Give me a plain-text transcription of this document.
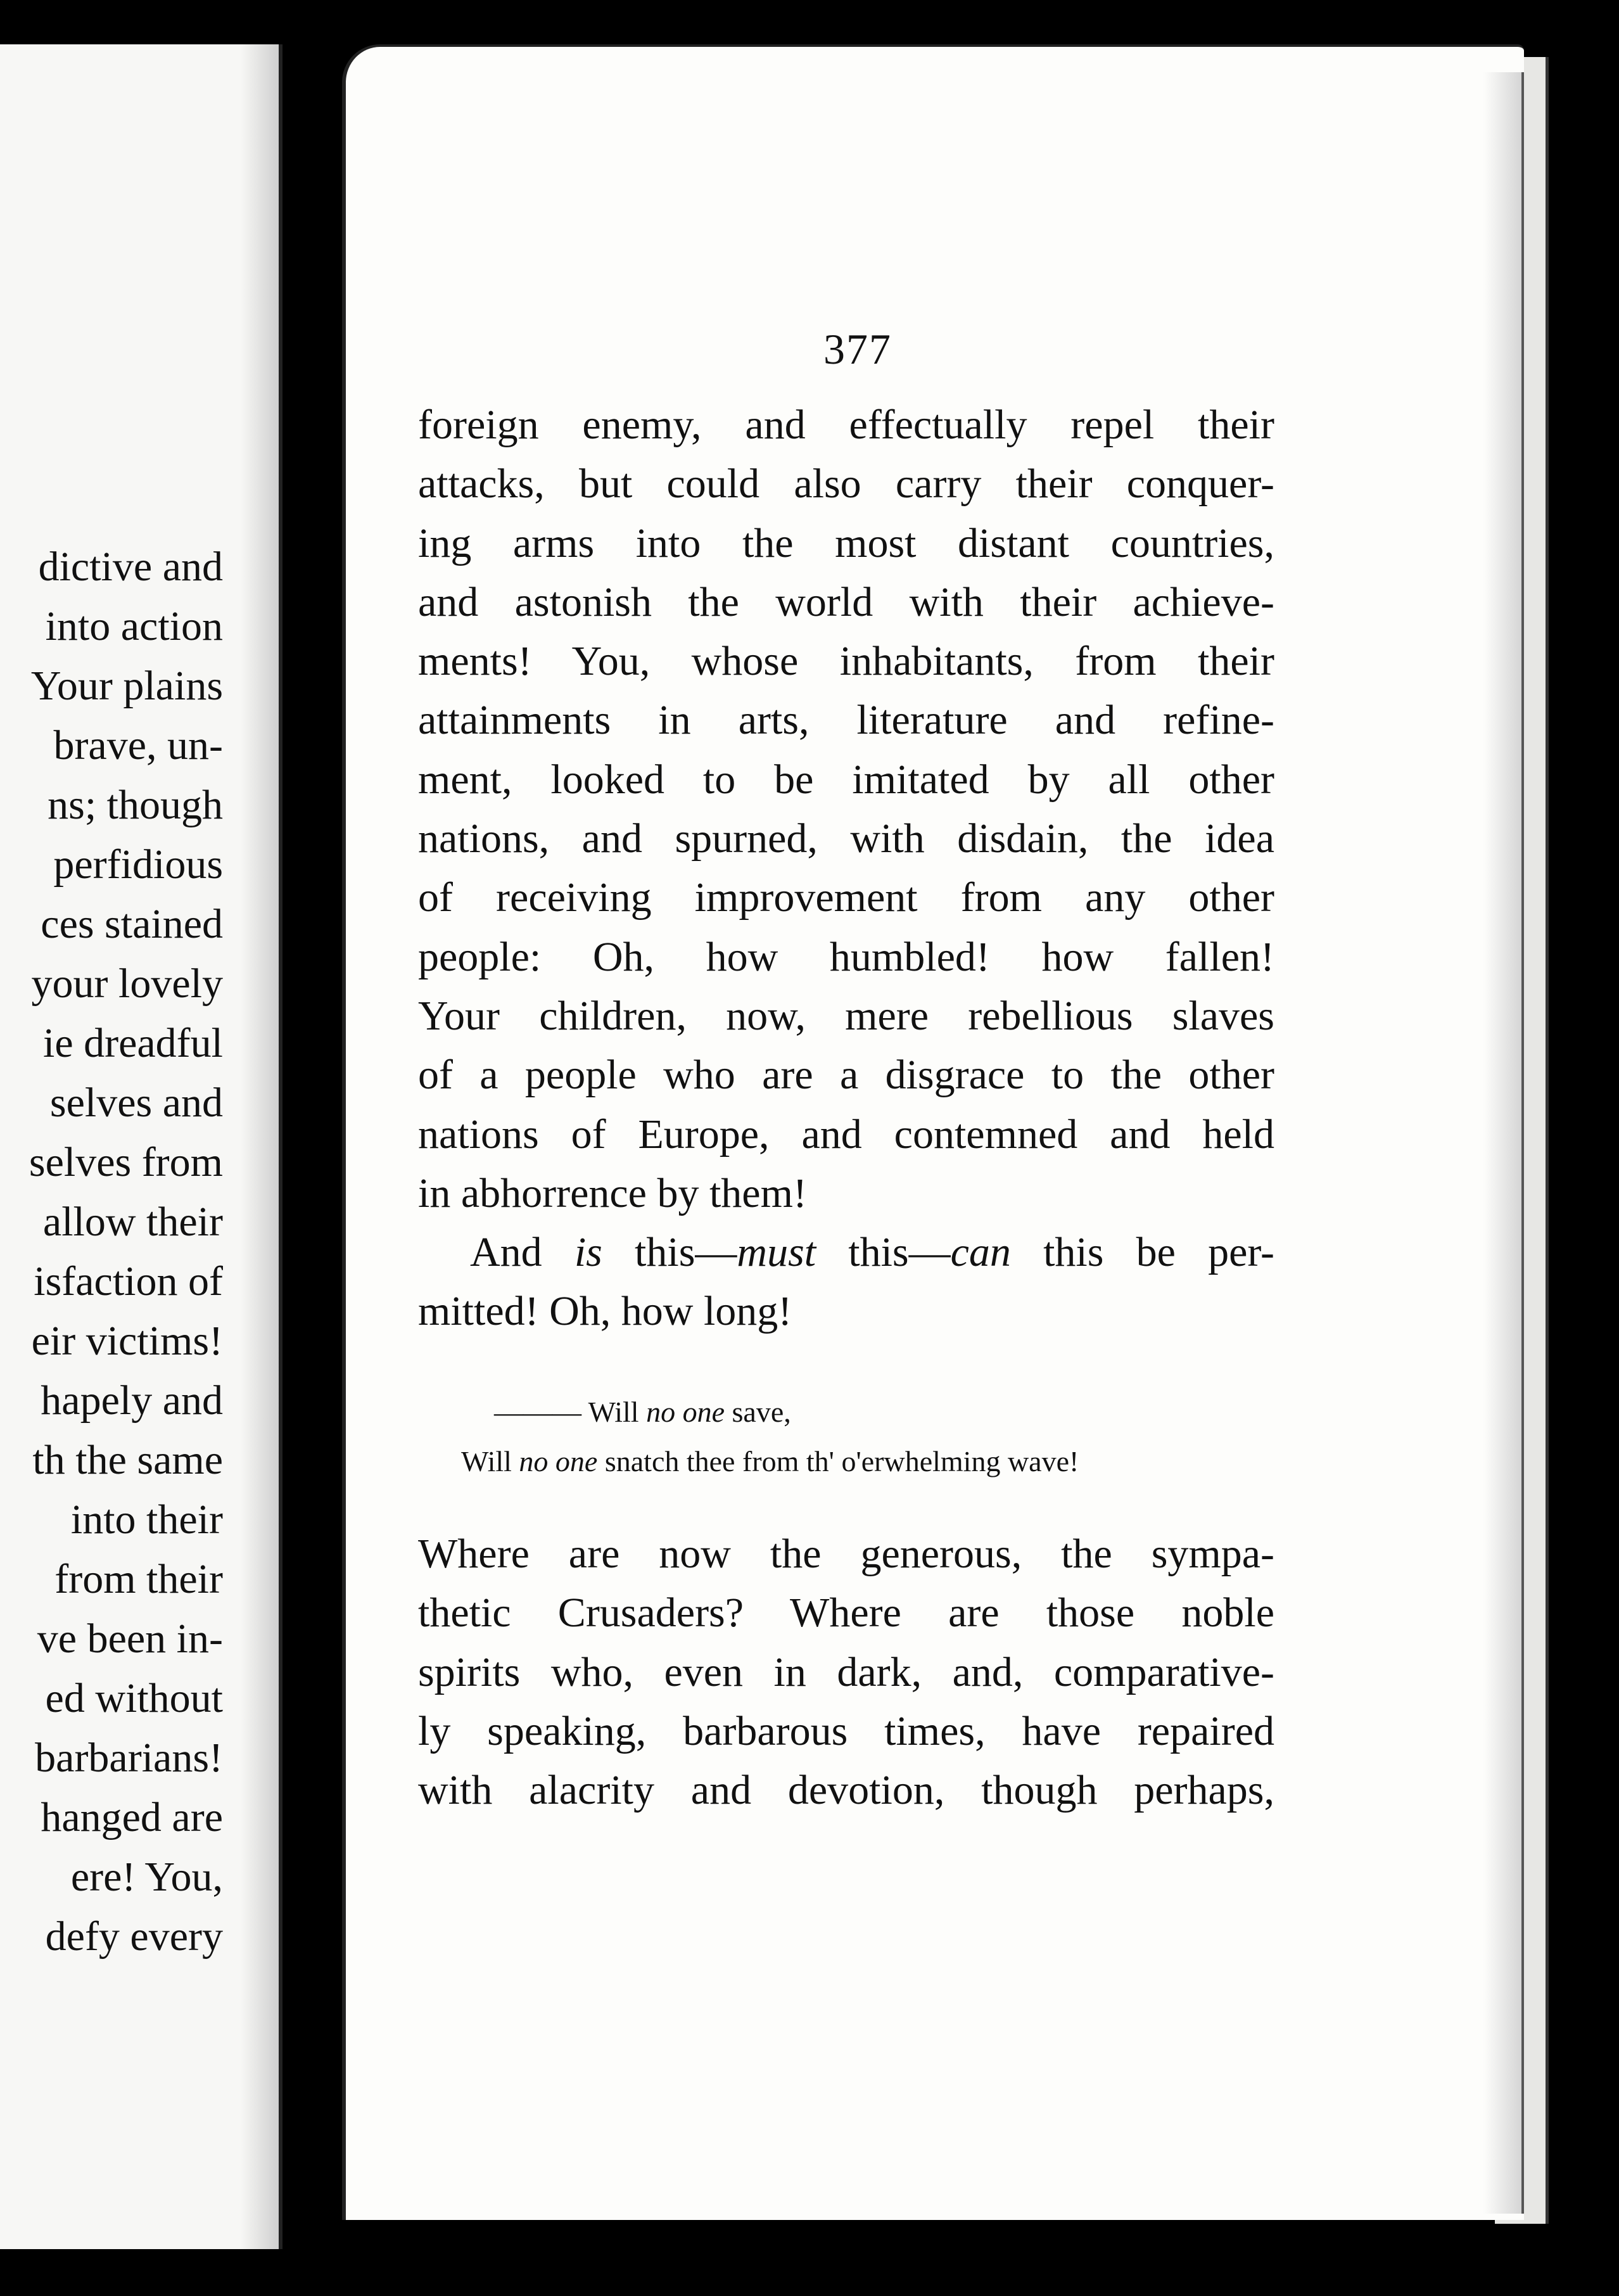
dictive and
into action
Your plains
brave, un-
ns; though
perfidious
ces stained
your lovely
ie dreadful
selves and
selves from
allow their
isfaction of
eir victims!
hapely and
th the same
into their
from their
ve been in-
ed without
barbarians!
hanged are
ere! You,
defy every
377
foreign enemy, and effectually repel their
attacks, but could also carry their conquer-
ing arms into the most distant countries,
and astonish the world with their achieve-
ments! You, whose inhabitants, from their
attainments in arts, literature and refine-
ment, looked to be imitated by all other
nations, and spurned, with disdain, the idea
of receiving improvement from any other
people: Oh, how humbled! how fallen!
Your children, now, mere rebellious slaves
of a people who are a disgrace to the other
nations of Europe, and contemned and held
in abhorrence by them!
And is this—must this—can this be per-
mitted! Oh, how long!
——— Will no one save,
Will no one snatch thee from th' o'erwhelming wave!
Where are now the generous, the sympa-
thetic Crusaders? Where are those noble
spirits who, even in dark, and, comparative-
ly speaking, barbarous times, have repaired
with alacrity and devotion, though perhaps,
